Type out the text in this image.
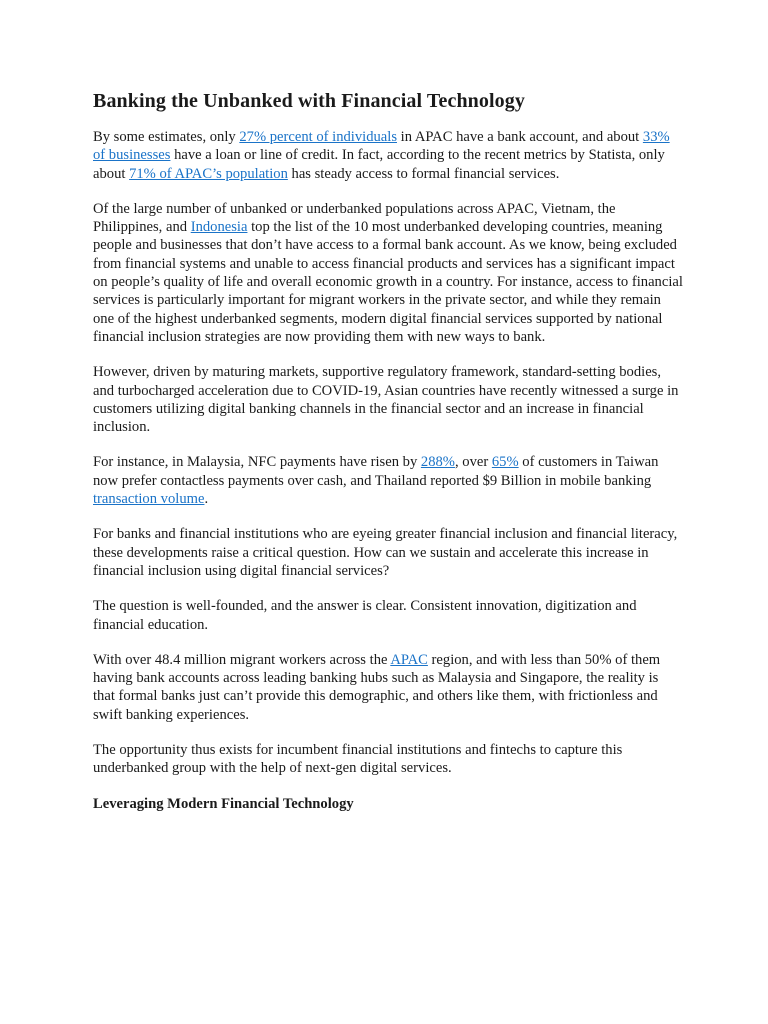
Banking the Unbanked with Financial Technology

By some estimates, only 27% percent of individuals in APAC have a bank account, and about 33% of businesses have a loan or line of credit. In fact, according to the recent metrics by Statista, only about 71% of APAC’s population has steady access to formal financial services.

Of the large number of unbanked or underbanked populations across APAC, Vietnam, the Philippines, and Indonesia top the list of the 10 most underbanked developing countries, meaning people and businesses that don’t have access to a formal bank account. As we know, being excluded from financial systems and unable to access financial products and services has a significant impact on people’s quality of life and overall economic growth in a country. For instance, access to financial services is particularly important for migrant workers in the private sector, and while they remain one of the highest underbanked segments, modern digital financial services supported by national financial inclusion strategies are now providing them with new ways to bank.

However, driven by maturing markets, supportive regulatory framework, standard-setting bodies, and turbocharged acceleration due to COVID-19, Asian countries have recently witnessed a surge in customers utilizing digital banking channels in the financial sector and an increase in financial inclusion.

For instance, in Malaysia, NFC payments have risen by 288%, over 65% of customers in Taiwan now prefer contactless payments over cash, and Thailand reported $9 Billion in mobile banking transaction volume.

For banks and financial institutions who are eyeing greater financial inclusion and financial literacy, these developments raise a critical question. How can we sustain and accelerate this increase in financial inclusion using digital financial services?

The question is well-founded, and the answer is clear. Consistent innovation, digitization and financial education.

With over 48.4 million migrant workers across the APAC region, and with less than 50% of them having bank accounts across leading banking hubs such as Malaysia and Singapore, the reality is that formal banks just can’t provide this demographic, and others like them, with frictionless and swift banking experiences.

The opportunity thus exists for incumbent financial institutions and fintechs to capture this underbanked group with the help of next-gen digital services.

Leveraging Modern Financial Technology
